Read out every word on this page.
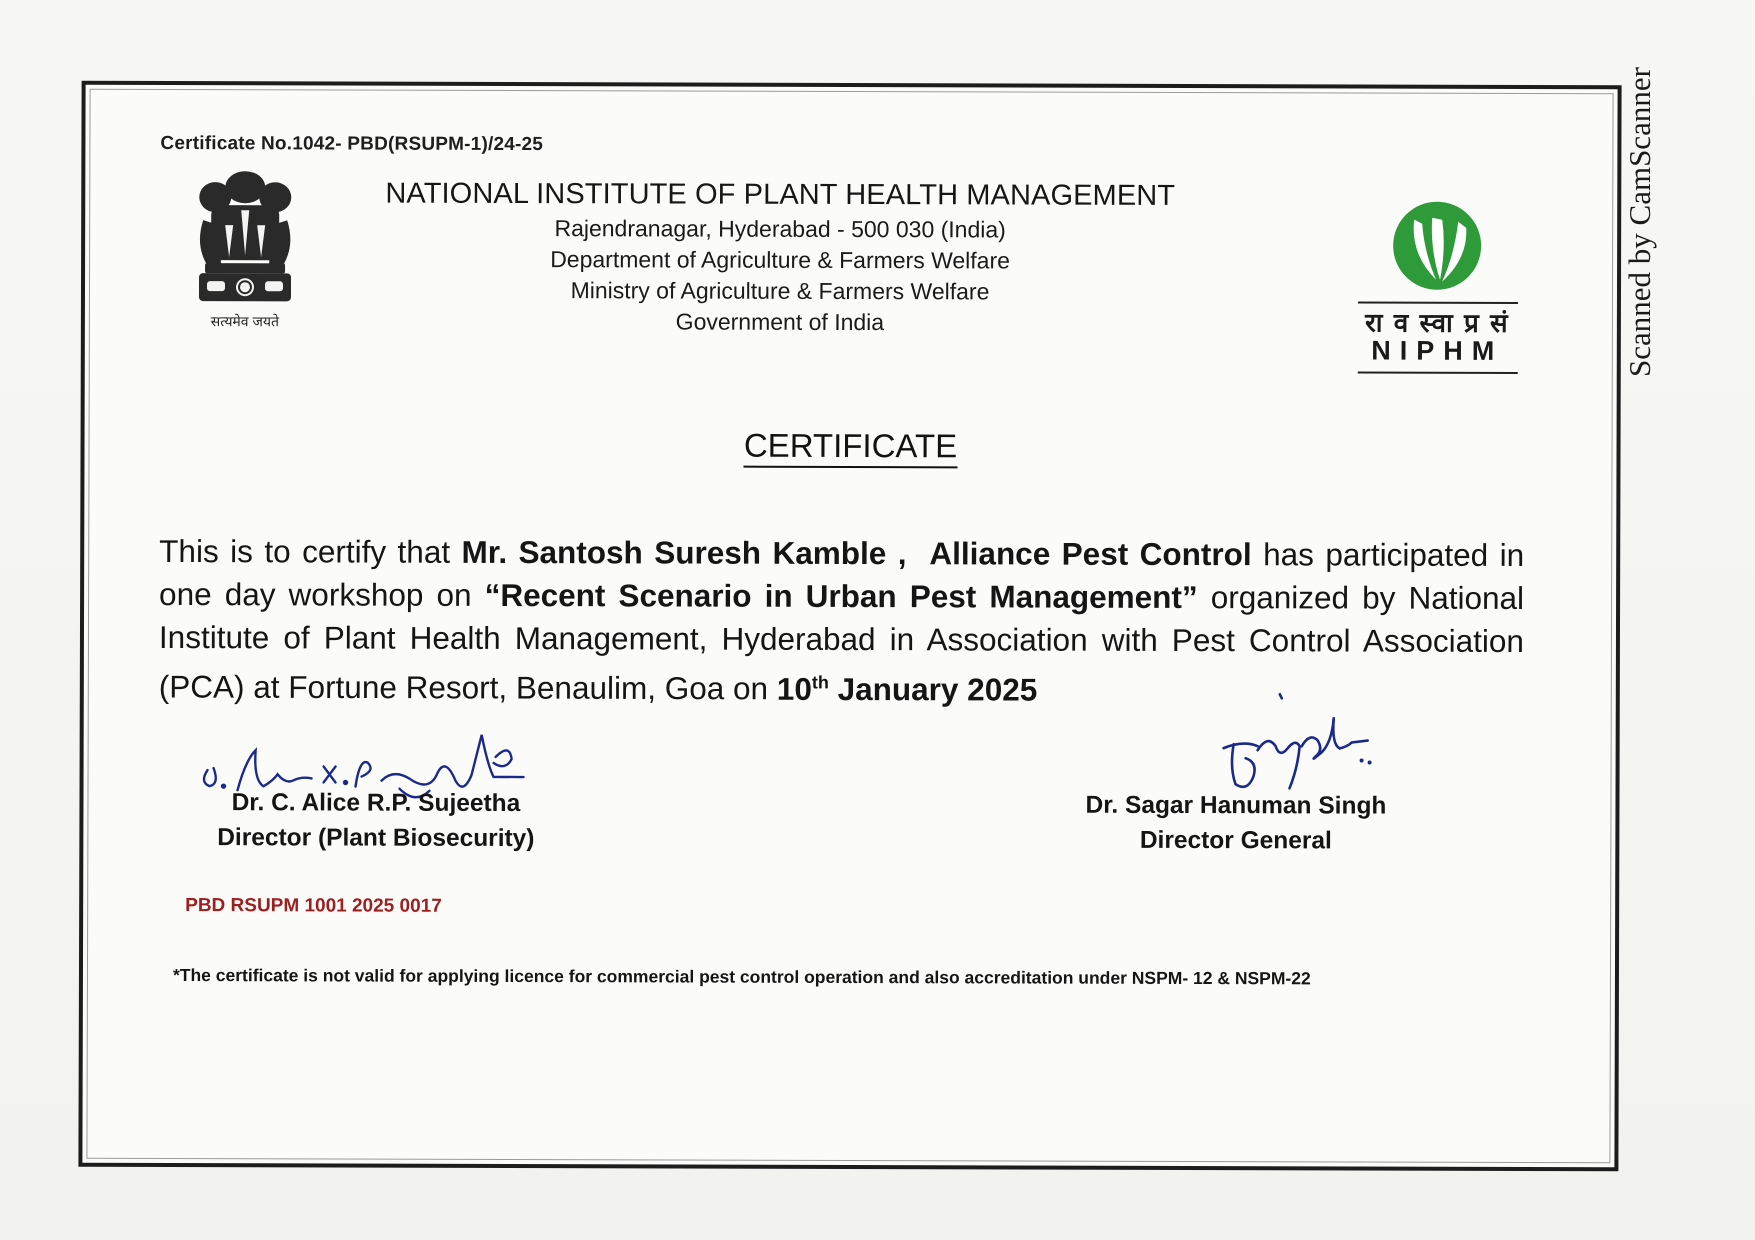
Scanned by CamScanner
Certificate No.1042- PBD(RSUPM-1)/24-25
सत्यमेव जयते
NATIONAL INSTITUTE OF PLANT HEALTH MANAGEMENT
Rajendranagar, Hyderabad - 500 030 (India)
Department of Agriculture & Farmers Welfare
Ministry of Agriculture & Farmers Welfare
Government of India	रा व स्वा प्र सं
NIPHM
CERTIFICATE
This is to certify that Mr. Santosh Suresh Kamble , Alliance Pest Control has participated in one day workshop on “Recent Scenario in Urban Pest Management” organized by National Institute of Plant Health Management, Hyderabad in Association with Pest Control Association (PCA) at Fortune Resort, Benaulim, Goa on 10th January 2025
Dr. C. Alice R.P. Sujeetha
Director (Plant Biosecurity)
Dr. Sagar Hanuman Singh
Director General
PBD RSUPM 1001 2025 0017
*The certificate is not valid for applying licence for commercial pest control operation and also accreditation under NSPM- 12 & NSPM-22
